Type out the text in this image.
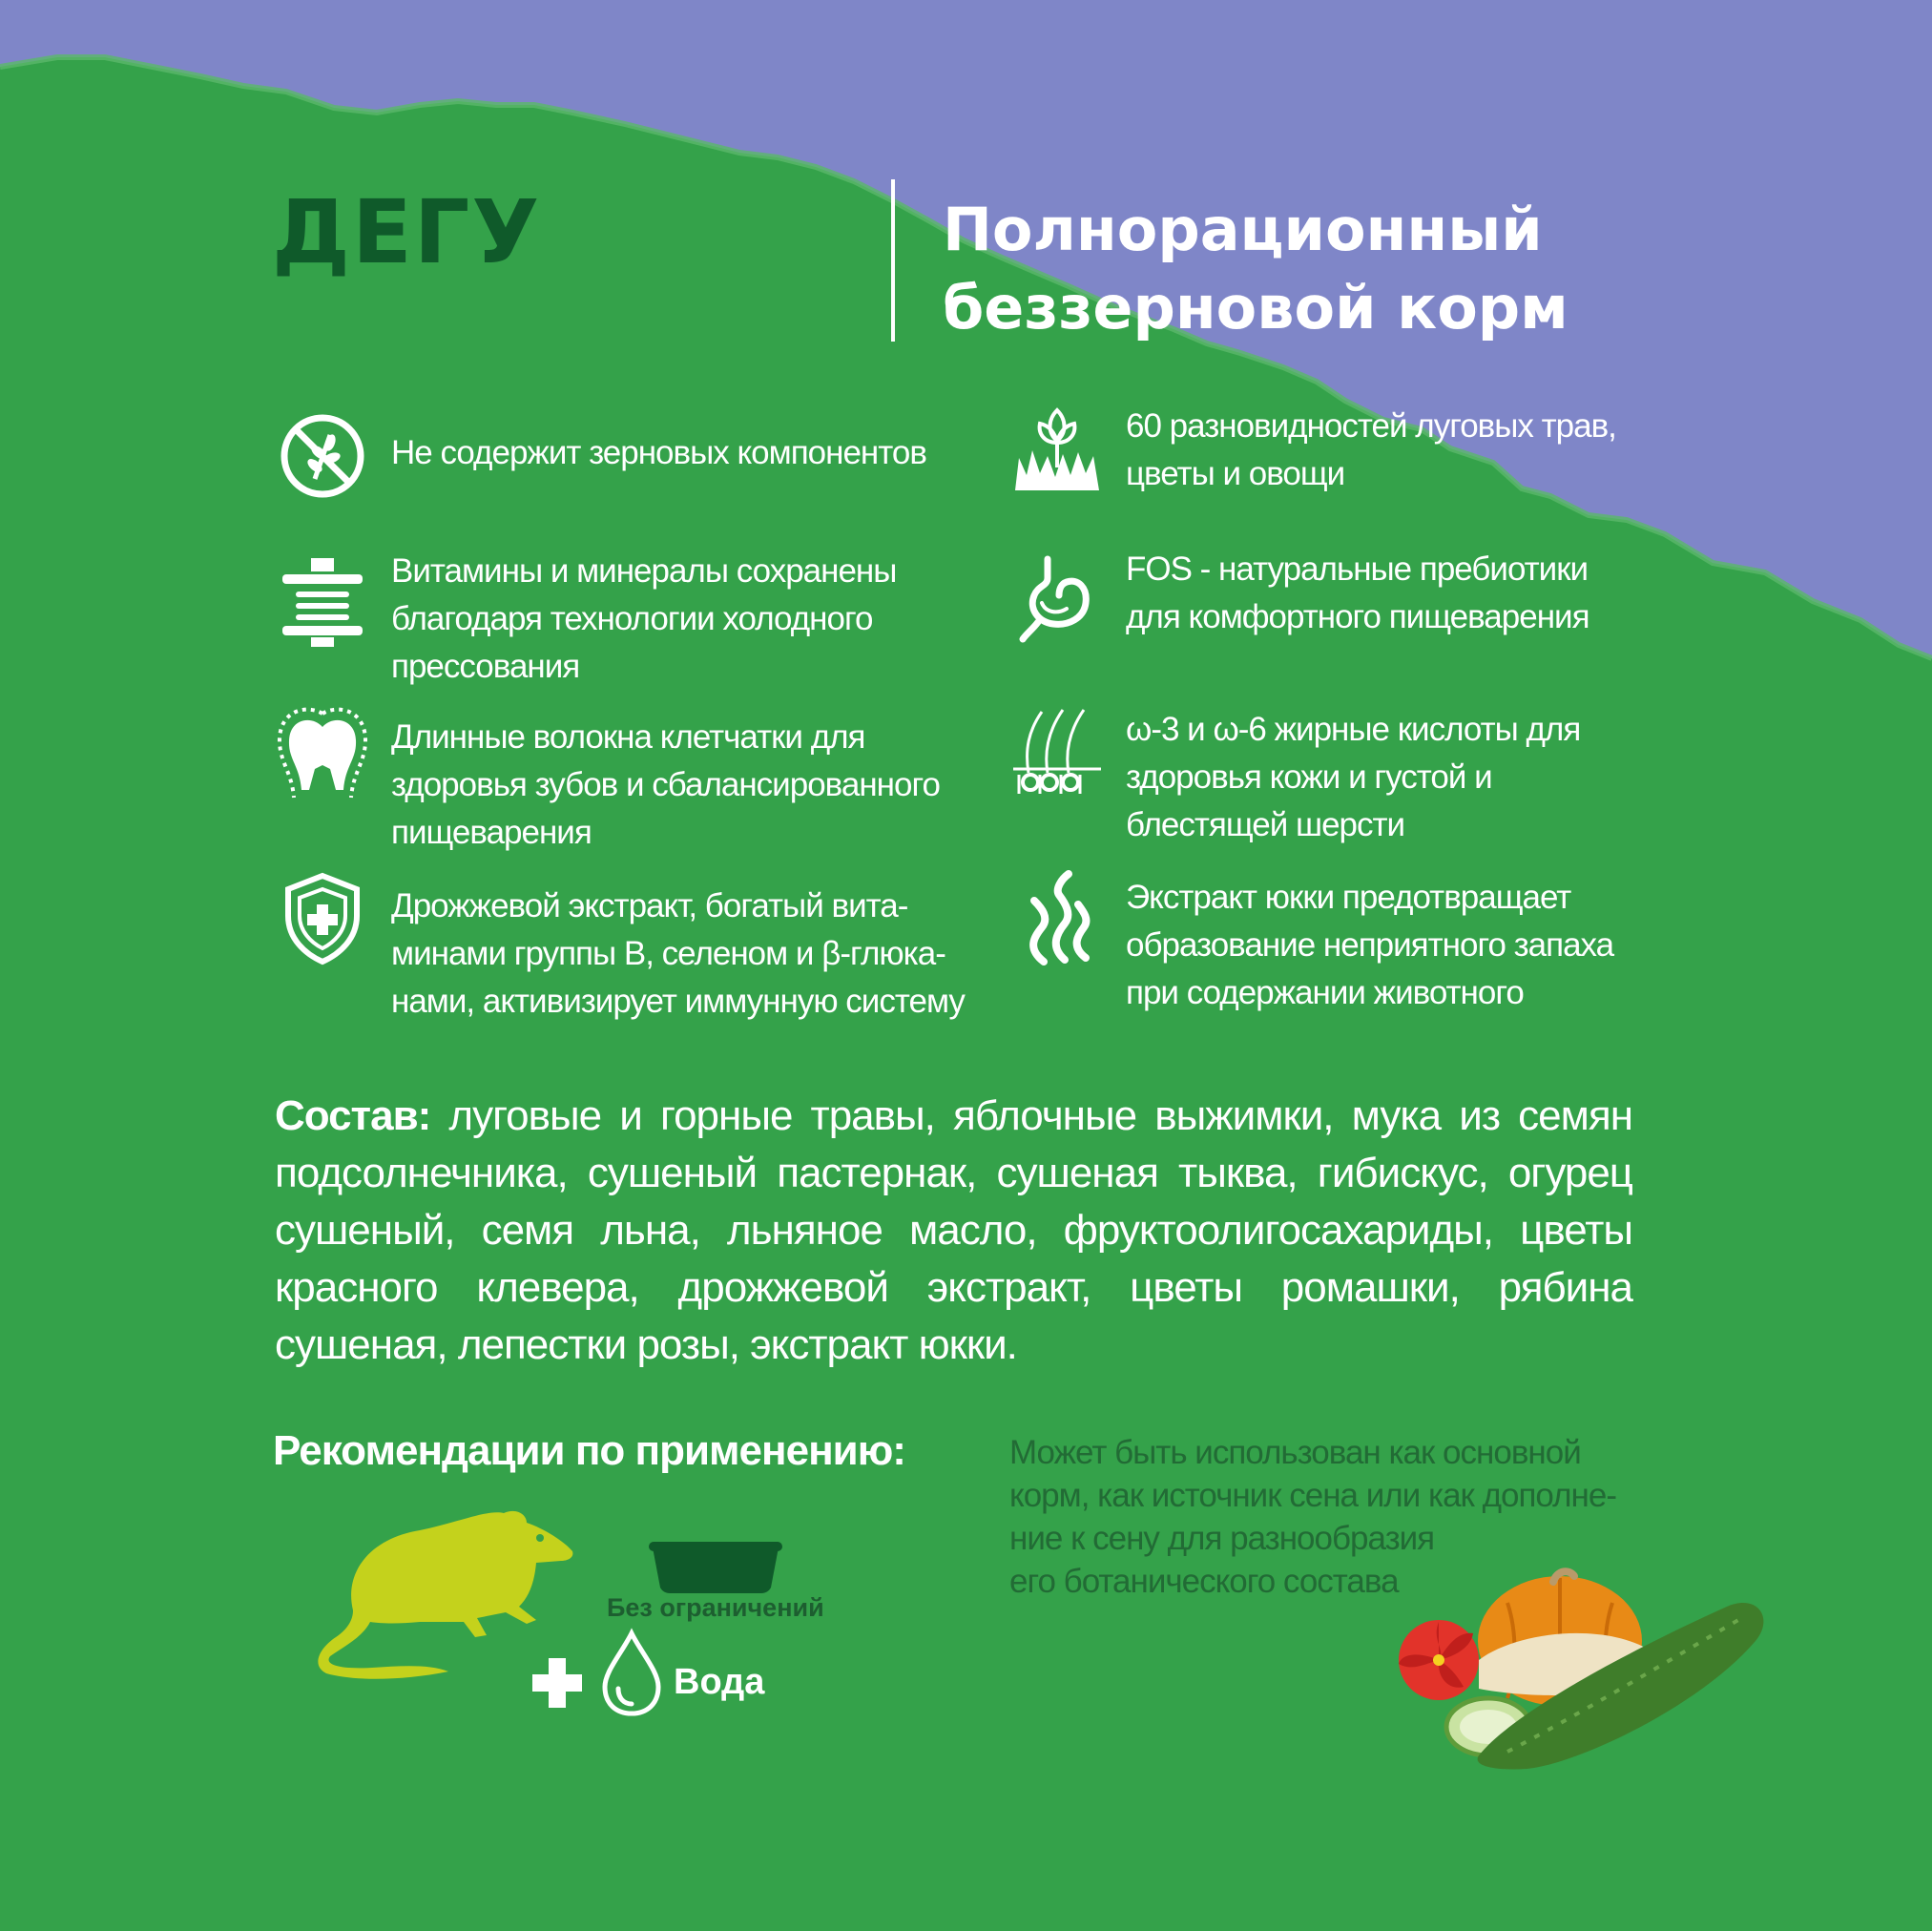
ДЕГУ	Полнорационный
беззерновой корм
Не содержит зерновых компонентов
Витамины и минералы сохранены
благодаря технологии холодного
прессования
Длинные волокна клетчатки для
здоровья зубов и сбалансированного
пищеварения
Дрожжевой экстракт, богатый вита-
минами группы В, селеном и β-глюка-
нами, активизирует иммунную систему
60 разновидностей луговых трав,
цветы и овощи
FOS - натуральные пребиотики
для комфортного пищеварения
ω-3 и ω-6 жирные кислоты для
здоровья кожи и густой и
блестящей шерсти
Экстракт юкки предотвращает
образование неприятного запаха
при содержании животного
Состав: луговые и горные травы, яблочные выжимки, мука из семян подсолнечника, сушеный пастернак, сушеная тыква, гибискус, огурец сушеный, семя льна, льняное масло, фруктоолигосахариды, цветы красного клевера, дрожжевой экстракт, цветы ромашки, рябина сушеная, лепестки розы, экстракт юкки.
Рекомендации по применению:
Без ограничений
Вода
Может быть использован как основной
корм, как источник сена или как дополне-
ние к сену для разнообразия
его ботанического состава
